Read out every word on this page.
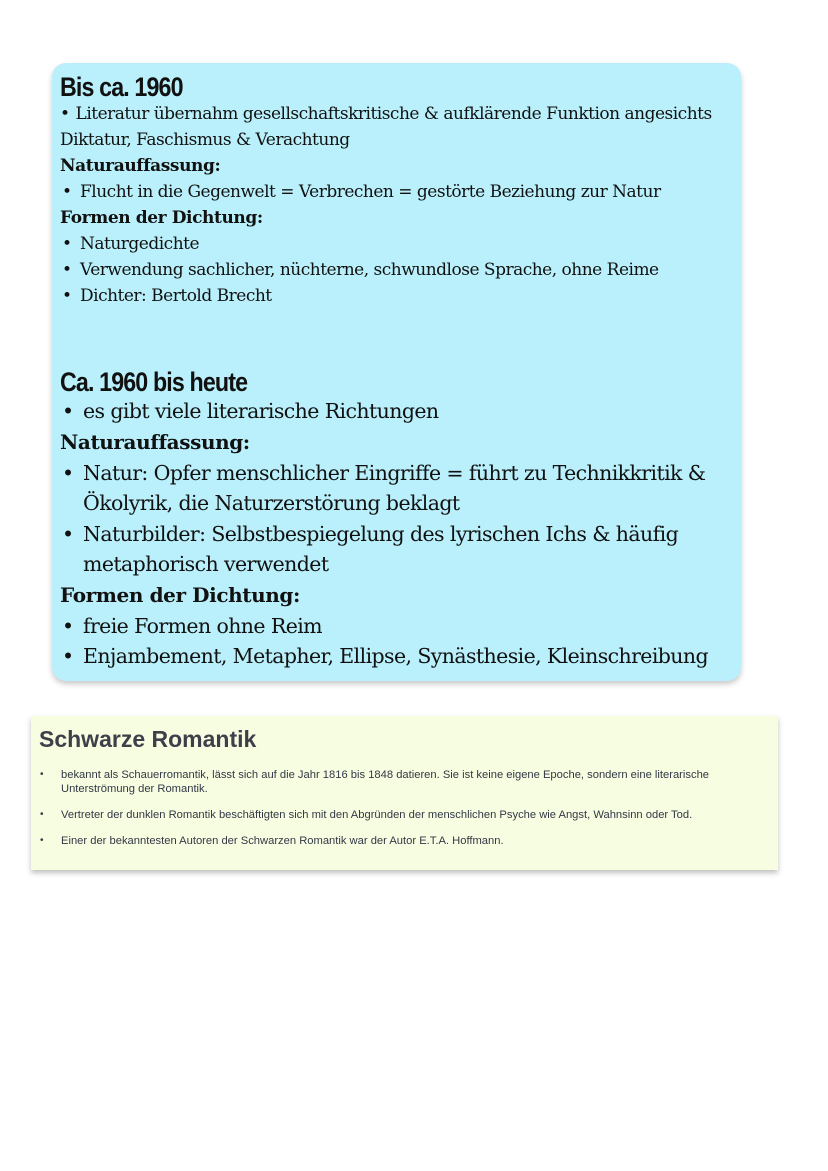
Bis ca. 1960
• Literatur übernahm gesellschaftskritische & aufklärende Funktion angesichts Diktatur, Faschismus & Verachtung
Naturauffassung:
• Flucht in die Gegenwelt = Verbrechen = gestörte Beziehung zur Natur
Formen der Dichtung:
• Naturgedichte
• Verwendung sachlicher, nüchterne, schwundlose Sprache, ohne Reime
• Dichter: Bertold Brecht
Ca. 1960 bis heute
• es gibt viele literarische Richtungen
Naturauffassung:
• Natur: Opfer menschlicher Eingriffe = führt zu Technikkritik & Ökolyrik, die Naturzerstörung beklagt
• Naturbilder: Selbstbespiegelung des lyrischen Ichs & häufig metaphorisch verwendet
Formen der Dichtung:
• freie Formen ohne Reim
• Enjambement, Metapher, Ellipse, Synästhesie, Kleinschreibung
Schwarze Romantik
• bekannt als Schauerromantik, lässt sich auf die Jahr 1816 bis 1848 datieren. Sie ist keine eigene Epoche, sondern eine literarische Unterströmung der Romantik.
• Vertreter der dunklen Romantik beschäftigten sich mit den Abgründen der menschlichen Psyche wie Angst, Wahnsinn oder Tod.
• Einer der bekanntesten Autoren der Schwarzen Romantik war der Autor E.T.A. Hoffmann.
